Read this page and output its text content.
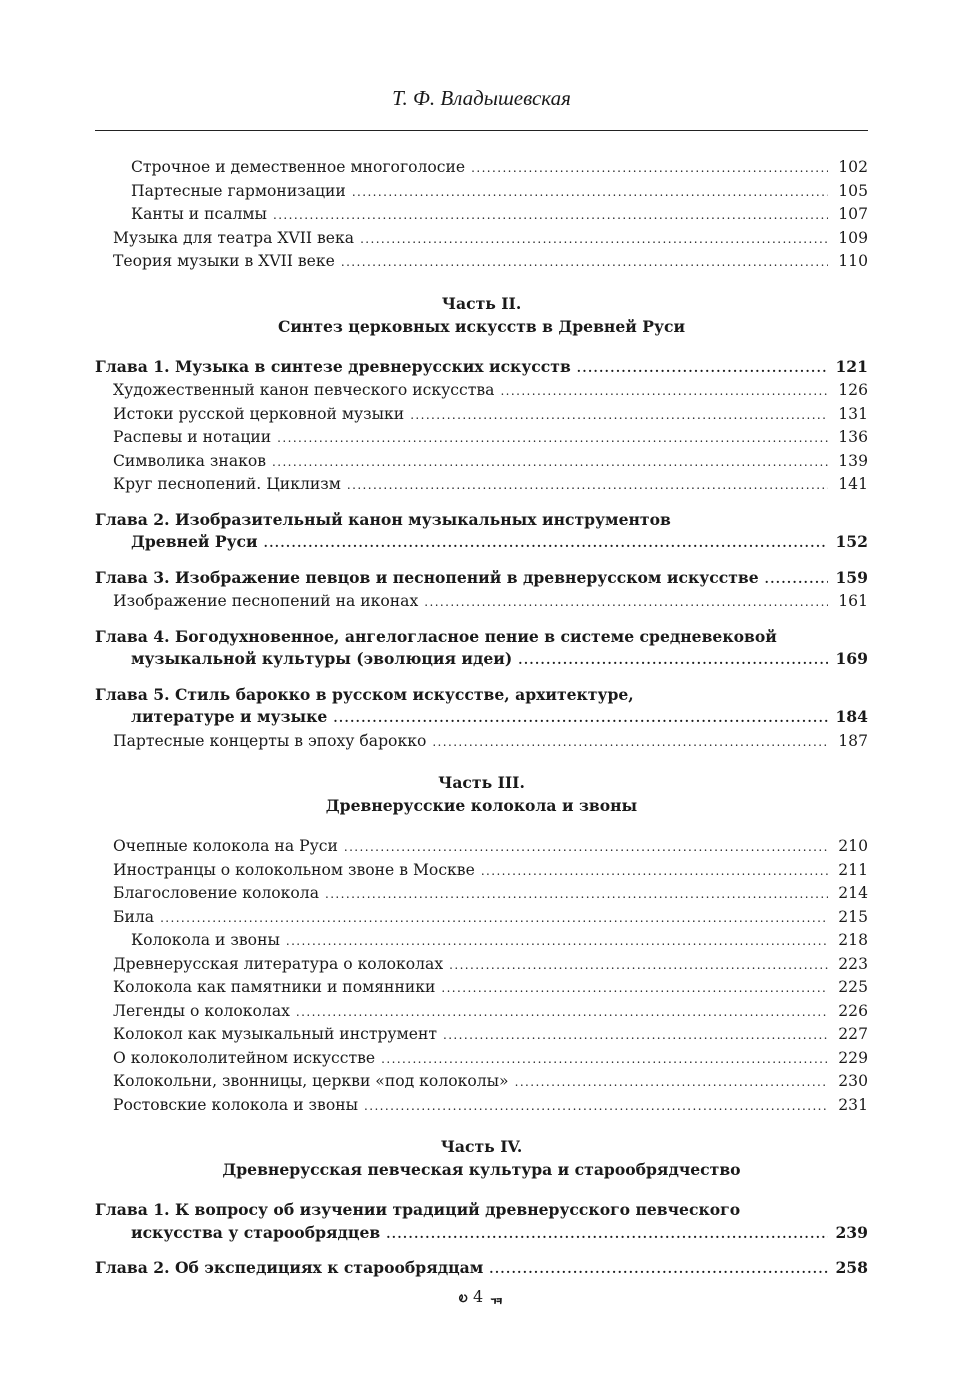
Т. Ф. Владышевская
Строчное и демественное многоголосие .....	102
Партесные гармонизации .....	105
Канты и псалмы .....	107
Музыка для театра XVII века .....	109
Теория музыки в XVII веке .....	110
Часть II.
Синтез церковных искусств в Древней Руси
Глава 1. Музыка в синтезе древнерусских искусств .....	121
Художественный канон певческого искусства .....	126
Истоки русской церковной музыки .....	131
Распевы и нотации .....	136
Символика знаков .....	139
Круг песнопений. Циклизм .....	141
Глава 2. Изобразительный канон музыкальных инструментов
Древней Руси .....	152
Глава 3. Изображение певцов и песнопений в древнерусском искусстве .....	159
Изображение песнопений на иконах .....	161
Глава 4. Богодухновенное, ангелогласное пение в системе средневековой
музыкальной культуры (эволюция идеи) .....	169
Глава 5. Стиль барокко в русском искусстве, архитектуре,
литературе и музыке .....	184
Партесные концерты в эпоху барокко .....	187
Часть III.
Древнерусские колокола и звоны
Очепные колокола на Руси .....	210
Иностранцы о колокольном звоне в Москве .....	211
Благословение колокола .....	214
Била .....	215
Колокола и звоны .....	218
Древнерусская литература о колоколах .....	223
Колокола как памятники и помянники .....	225
Легенды о колоколах .....	226
Колокол как музыкальный инструмент .....	227
О колокололитейном искусстве .....	229
Колокольни, звонницы, церкви «под колоколы» .....	230
Ростовские колокола и звоны .....	231
Часть IV.
Древнерусская певческая культура и старообрядчество
Глава 1. К вопросу об изучении традиций древнерусского певческого
искусства у старообрядцев .....	239
Глава 2. Об экспедициях к старообрядцам .....	258
ၿ 4 ᇽ
